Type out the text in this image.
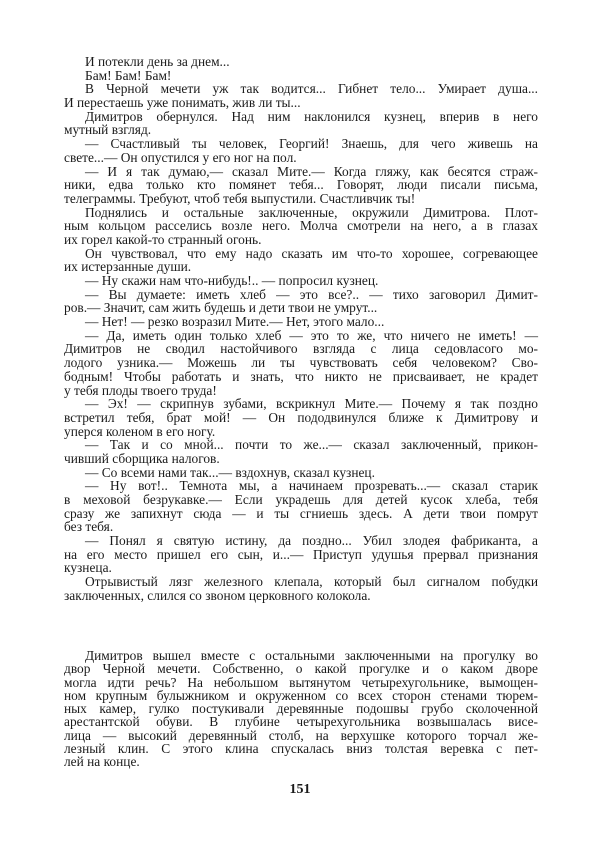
И потекли день за днем...
Бам! Бам! Бам!
В Черной мечети уж так водится... Гибнет тело... Умирает душа...
И перестаешь уже понимать, жив ли ты...
Димитров обернулся. Над ним наклонился кузнец, вперив в него
мутный взгляд.
— Счастливый ты человек, Георгий! Знаешь, для чего живешь на
свете...— Он опустился у его ног на пол.
— И я так думаю,— сказал Мите.— Когда гляжу, как бесятся страж-
ники, едва только кто помянет тебя... Говорят, люди писали письма,
телеграммы. Требуют, чтоб тебя выпустили. Счастливчик ты!
Поднялись и остальные заключенные, окружили Димитрова. Плот-
ным кольцом расселись возле него. Молча смотрели на него, а в глазах
их горел какой-то странный огонь.
Он чувствовал, что ему надо сказать им что-то хорошее, согревающее
их истерзанные души.
— Ну скажи нам что-нибудь!.. — попросил кузнец.
— Вы думаете: иметь хлеб — это все?.. — тихо заговорил Димит-
ров.— Значит, сам жить будешь и дети твои не умрут...
— Нет! — резко возразил Мите.— Нет, этого мало...
— Да, иметь один только хлеб — это то же, что ничего не иметь! —
Димитров не сводил настойчивого взгляда с лица седовласого мо-
лодого узника.— Можешь ли ты чувствовать себя человеком? Сво-
бодным! Чтобы работать и знать, что никто не присваивает, не крадет
у тебя плоды твоего труда!
— Эх! — скрипнув зубами, вскрикнул Мите.— Почему я так поздно
встретил тебя, брат мой! — Он пододвинулся ближе к Димитрову и
уперся коленом в его ногу.
— Так и со мной... почти то же...— сказал заключенный, прикон-
чивший сборщика налогов.
— Со всеми нами так...— вздохнув, сказал кузнец.
— Ну вот!.. Темнота мы, а начинаем прозревать...— сказал старик
в меховой безрукавке.— Если украдешь для детей кусок хлеба, тебя
сразу же запихнут сюда — и ты сгниешь здесь. А дети твои помрут
без тебя.
— Понял я святую истину, да поздно... Убил злодея фабриканта, а
на его место пришел его сын, и...— Приступ удушья прервал признания
кузнеца.
Отрывистый лязг железного клепала, который был сигналом побудки
заключенных, слился со звоном церковного колокола.
Димитров вышел вместе с остальными заключенными на прогулку во
двор Черной мечети. Собственно, о какой прогулке и о каком дворе
могла идти речь? На небольшом вытянутом четырехугольнике, вымощен-
ном крупным булыжником и окруженном со всех сторон стенами тюрем-
ных камер, гулко постукивали деревянные подошвы грубо сколоченной
арестантской обуви. В глубине четырехугольника возвышалась висе-
лица — высокий деревянный столб, на верхушке которого торчал же-
лезный клин. С этого клина спускалась вниз толстая веревка с пет-
лей на конце.
151
